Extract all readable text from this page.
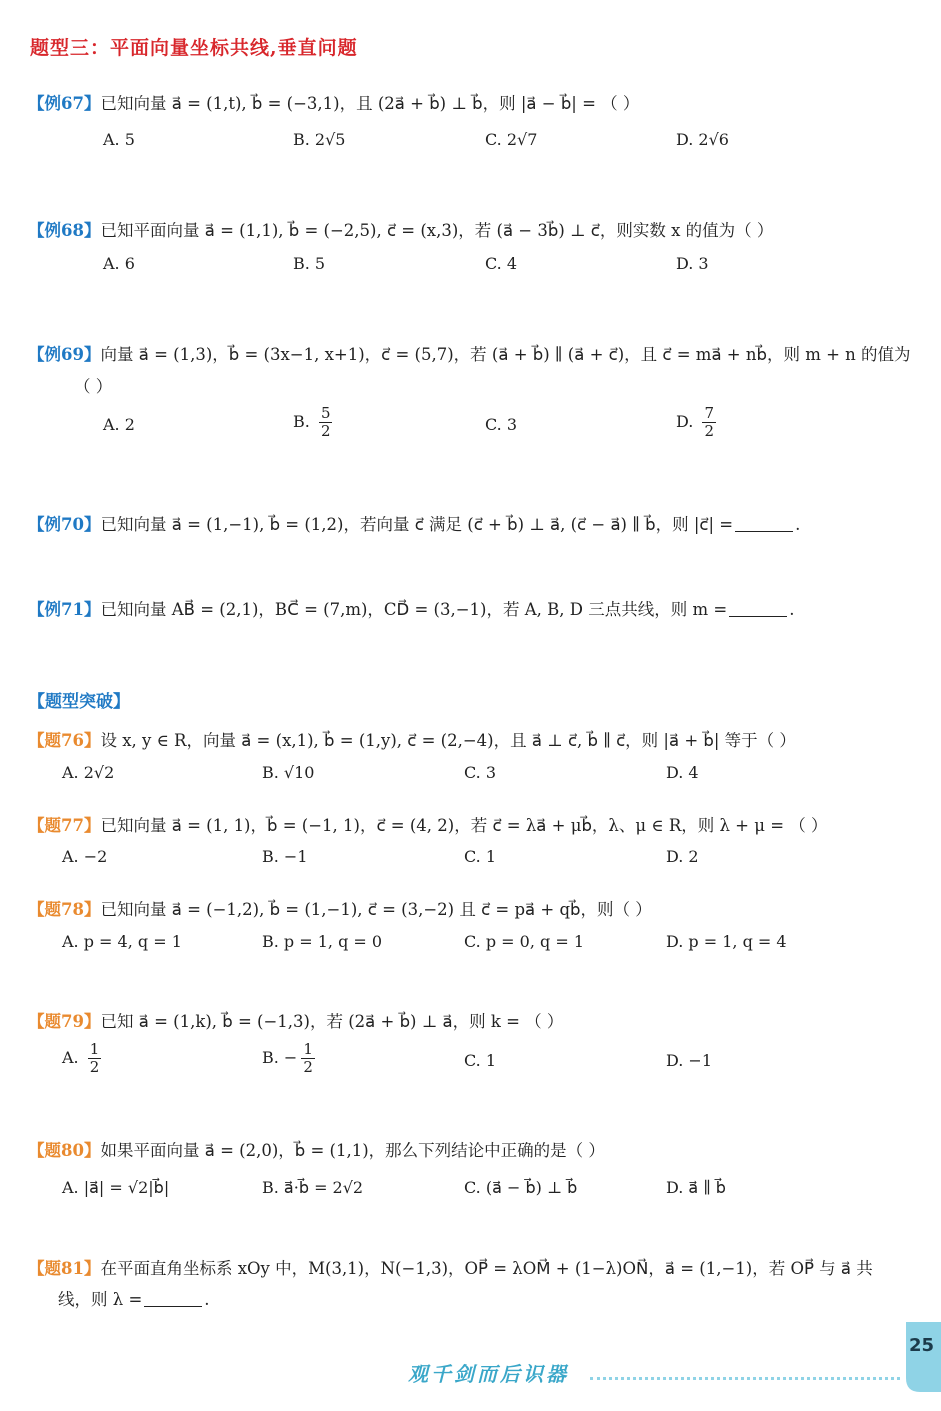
题型三：平面向量坐标共线,垂直问题
【例67】已知向量 a⃗ = (1,t), b⃗ = (−3,1)，且 (2a⃗ + b⃗) ⊥ b⃗，则 |a⃗ − b⃗| = （ ）
A. 5	B. 2√5	C. 2√7	D. 2√6
【例68】已知平面向量 a⃗ = (1,1), b⃗ = (−2,5), c⃗ = (x,3)，若 (a⃗ − 3b⃗) ⊥ c⃗，则实数 x 的值为（ ）
A. 6	B. 5	C. 4	D. 3
【例69】向量 a⃗ = (1,3)，b⃗ = (3x−1, x+1)，c⃗ = (5,7)，若 (a⃗ + b⃗) ∥ (a⃗ + c⃗)，且 c⃗ = ma⃗ + nb⃗，则 m + n 的值为
（ ）
A. 2	B. $\frac{5}{2}$	C. 3	D. $\frac{7}{2}$
【例70】已知向量 a⃗ = (1,−1), b⃗ = (1,2)，若向量 c⃗ 满足 (c⃗ + b⃗) ⊥ a⃗, (c⃗ − a⃗) ∥ b⃗，则 |c⃗| =	.
【例71】已知向量 AB⃗ = (2,1)，BC⃗ = (7,m)，CD⃗ = (3,−1)，若 A, B, D 三点共线，则 m =	.
【题型突破】
【题76】设 x, y ∈ R，向量 a⃗ = (x,1), b⃗ = (1,y), c⃗ = (2,−4)，且 a⃗ ⊥ c⃗, b⃗ ∥ c⃗，则 |a⃗ + b⃗| 等于（ ）
A. 2√2	B. √10	C. 3	D. 4
【题77】已知向量 a⃗ = (1, 1)，b⃗ = (−1, 1)，c⃗ = (4, 2)，若 c⃗ = λa⃗ + μb⃗，λ、μ ∈ R，则 λ + μ = （ ）
A. −2	B. −1	C. 1	D. 2
【题78】已知向量 a⃗ = (−1,2), b⃗ = (1,−1), c⃗ = (3,−2) 且 c⃗ = pa⃗ + qb⃗，则（ ）
A. p = 4, q = 1	B. p = 1, q = 0	C. p = 0, q = 1	D. p = 1, q = 4
【题79】已知 a⃗ = (1,k), b⃗ = (−1,3)，若 (2a⃗ + b⃗) ⊥ a⃗，则 k = （ ）
A. $\frac{1}{2}$	B. − $\frac{1}{2}$	C. 1	D. −1
【题80】如果平面向量 a⃗ = (2,0)，b⃗ = (1,1)，那么下列结论中正确的是（ ）
A. |a⃗| = √2|b⃗|	B. a⃗·b⃗ = 2√2	C. (a⃗ − b⃗) ⊥ b⃗	D. a⃗ ∥ b⃗
【题81】在平面直角坐标系 xOy 中，M(3,1)，N(−1,3)，OP⃗ = λOM⃗ + (1−λ)ON⃗，a⃗ = (1,−1)，若 OP⃗ 与 a⃗ 共
线，则 λ =	.
观千剑而后识器
25
